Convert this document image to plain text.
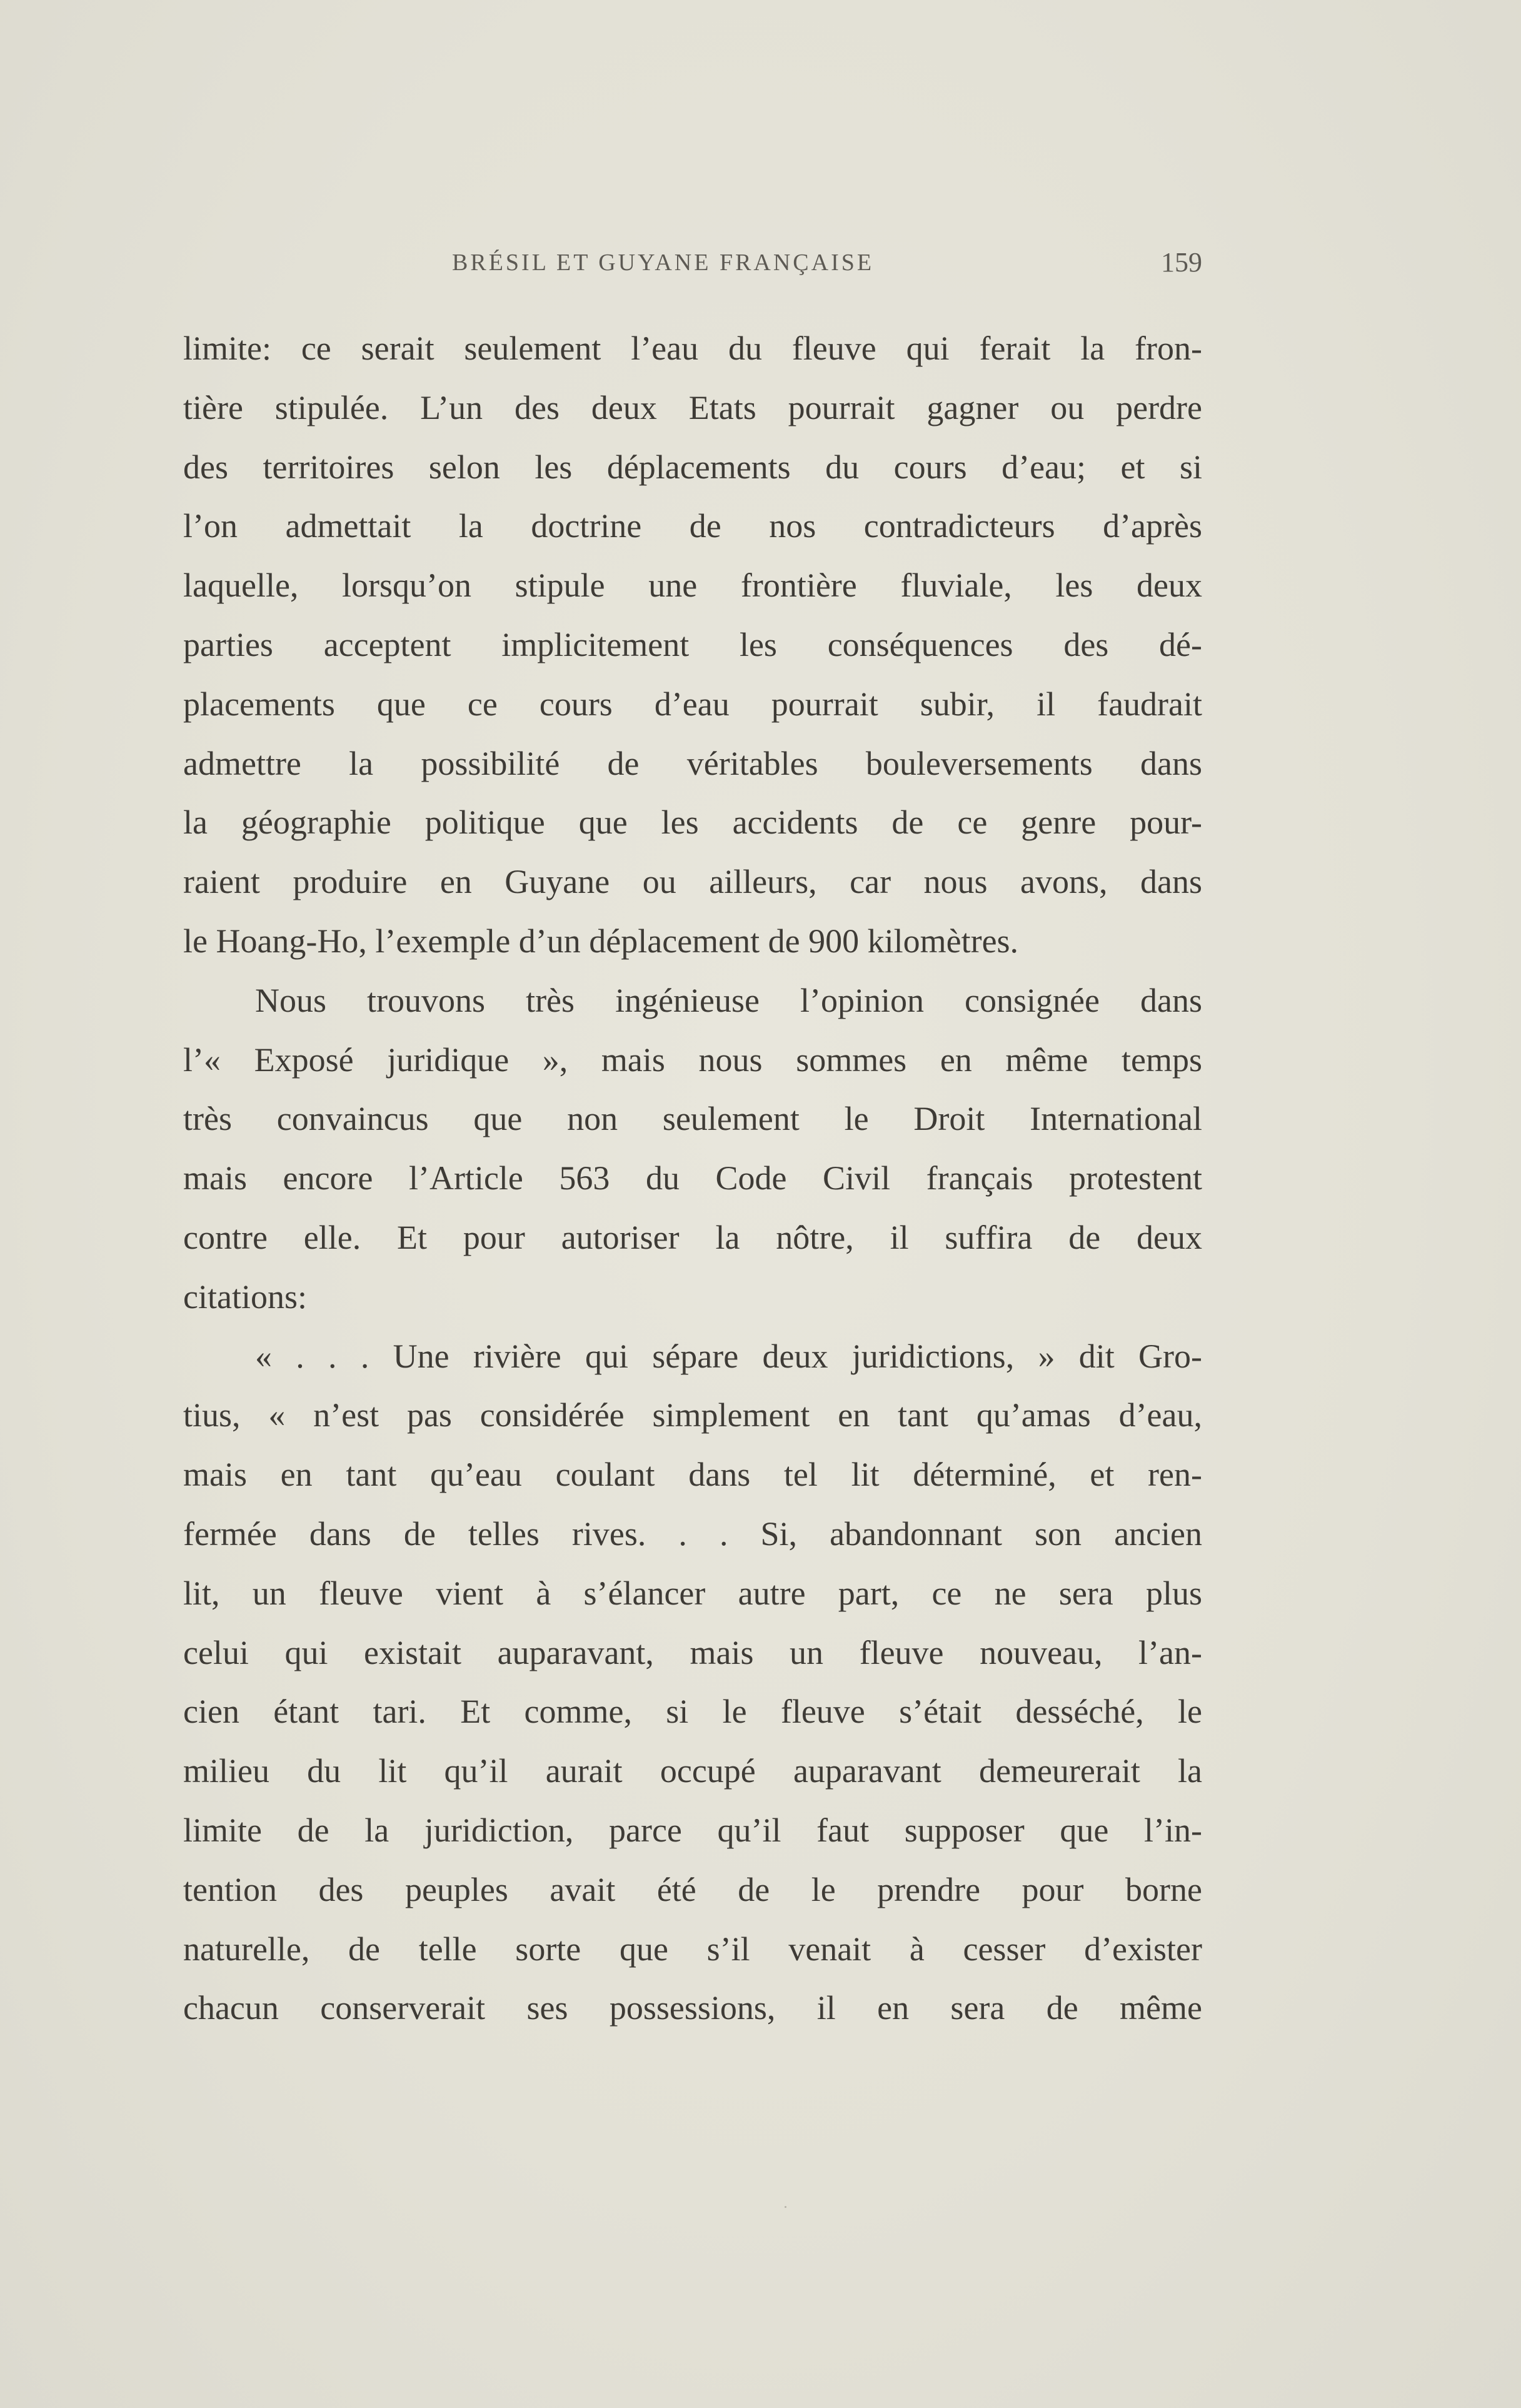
BRÉSIL ET GUYANE FRANÇAISE	159
limite: ce serait seulement l’eau du fleuve qui ferait la fron-
tière stipulée. L’un des deux Etats pourrait gagner ou perdre
des territoires selon les déplacements du cours d’eau; et si
l’on admettait la doctrine de nos contradicteurs d’après
laquelle, lorsqu’on stipule une frontière fluviale, les deux
parties acceptent implicitement les conséquences des dé-
placements que ce cours d’eau pourrait subir, il faudrait
admettre la possibilité de véritables bouleversements dans
la géographie politique que les accidents de ce genre pour-
raient produire en Guyane ou ailleurs, car nous avons, dans
le Hoang-Ho, l’exemple d’un déplacement de 900 kilomètres.
Nous trouvons très ingénieuse l’opinion consignée dans
l’« Exposé juridique », mais nous sommes en même temps
très convaincus que non seulement le Droit International
mais encore l’Article 563 du Code Civil français protestent
contre elle. Et pour autoriser la nôtre, il suffira de deux
citations:
« . . . Une rivière qui sépare deux juridictions, » dit Gro-
tius, « n’est pas considérée simplement en tant qu’amas d’eau,
mais en tant qu’eau coulant dans tel lit déterminé, et ren-
fermée dans de telles rives. . . Si, abandonnant son ancien
lit, un fleuve vient à s’élancer autre part, ce ne sera plus
celui qui existait auparavant, mais un fleuve nouveau, l’an-
cien étant tari. Et comme, si le fleuve s’était desséché, le
milieu du lit qu’il aurait occupé auparavant demeurerait la
limite de la juridiction, parce qu’il faut supposer que l’in-
tention des peuples avait été de le prendre pour borne
naturelle, de telle sorte que s’il venait à cesser d’exister
chacun conserverait ses possessions, il en sera de même
